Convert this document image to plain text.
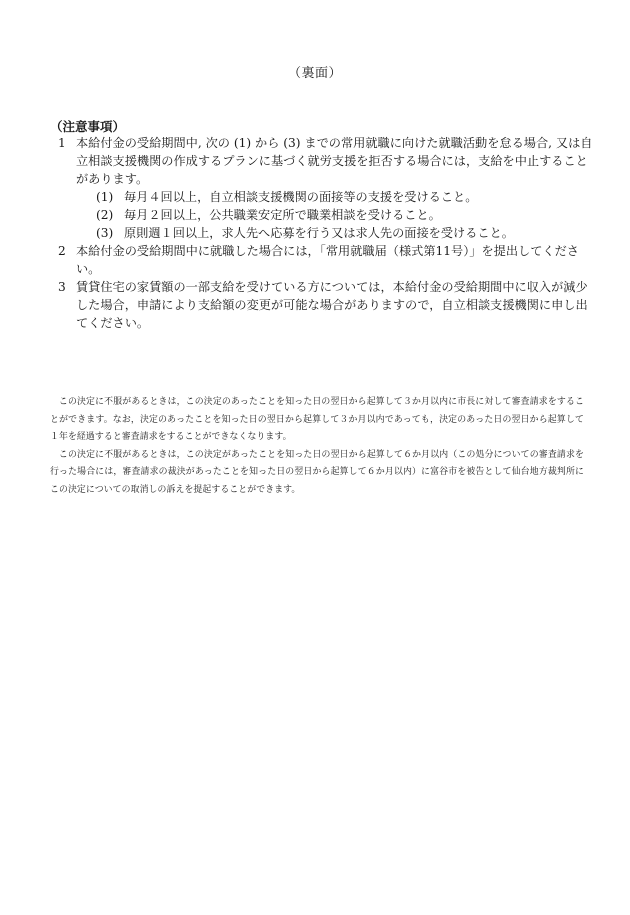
（裏面）
（注意事項）
1 本給付金の受給期間中, 次の (1) から (3) までの常用就職に向けた就職活動を怠る場合, 又は自立相談支援機関の作成するプランに基づく就労支援を拒否する場合には，支給を中止することがあります。
(1) 毎月４回以上，自立相談支援機関の面接等の支援を受けること。
(2) 毎月２回以上，公共職業安定所で職業相談を受けること。
(3) 原則週１回以上，求人先へ応募を行う又は求人先の面接を受けること。
2 本給付金の受給期間中に就職した場合には，「常用就職届（様式第11号）」を提出してください。
3 賃貸住宅の家賃額の一部支給を受けている方については，本給付金の受給期間中に収入が減少した場合，申請により支給額の変更が可能な場合がありますので，自立相談支援機関に申し出てください。

この決定に不服があるときは，この決定のあったことを知った日の翌日から起算して３か月以内に市長に対して審査請求をすることができます。なお，決定のあったことを知った日の翌日から起算して３か月以内であっても，決定のあった日の翌日から起算して１年を経過すると審査請求をすることができなくなります。

この決定に不服があるときは，この決定があったことを知った日の翌日から起算して６か月以内（この処分についての審査請求を行った場合には，審査請求の裁決があったことを知った日の翌日から起算して６か月以内）に富谷市を被告として仙台地方裁判所にこの決定についての取消しの訴えを提起することができます。
